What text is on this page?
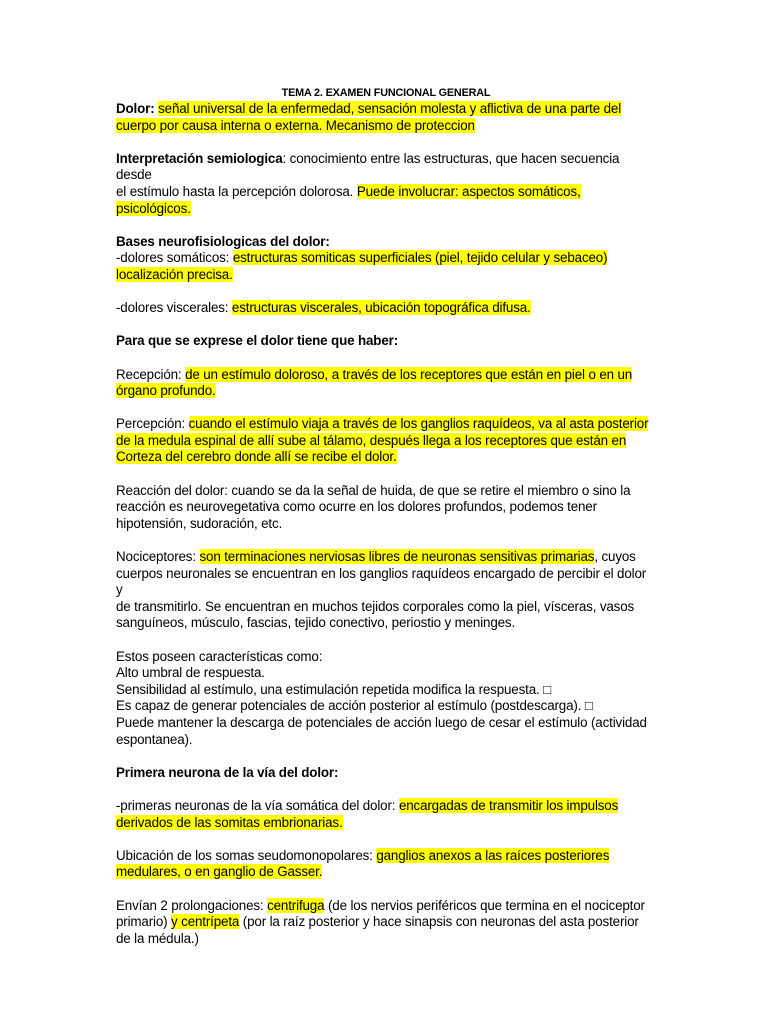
TEMA 2. EXAMEN FUNCIONAL GENERAL

Dolor: señal universal de la enfermedad, sensación molesta y aflictiva de una parte del
cuerpo por causa interna o externa. Mecanismo de proteccion

Interpretación semiologica: conocimiento entre las estructuras, que hacen secuencia desde
el estímulo hasta la percepción dolorosa. Puede involucrar: aspectos somáticos, psicológicos.

Bases neurofisiologicas del dolor:

-dolores somáticos: estructuras somiticas superficiales (piel, tejido celular y sebaceo)
localización precisa.

-dolores viscerales: estructuras viscerales, ubicación topográfica difusa.

Para que se exprese el dolor tiene que haber:

Recepción: de un estímulo doloroso, a través de los receptores que están en piel o en un
órgano profundo.

Percepción: cuando el estímulo viaja a través de los ganglios raquídeos, va al asta posterior
de la medula espinal de allí sube al tálamo, después llega a los receptores que están en
Corteza del cerebro donde allí se recibe el dolor.

Reacción del dolor: cuando se da la señal de huida, de que se retire el miembro o sino la
reacción es neurovegetativa como ocurre en los dolores profundos, podemos tener
hipotensión, sudoración, etc.

Nociceptores: son terminaciones nerviosas libres de neuronas sensitivas primarias, cuyos
cuerpos neuronales se encuentran en los ganglios raquídeos encargado de percibir el dolor y
de transmitirlo. Se encuentran en muchos tejidos corporales como la piel, vísceras, vasos
sanguíneos, músculo, fascias, tejido conectivo, periostio y meninges.

Estos poseen características como:
Alto umbral de respuesta.
Sensibilidad al estímulo, una estimulación repetida modifica la respuesta. □
Es capaz de generar potenciales de acción posterior al estímulo (postdescarga). □
Puede mantener la descarga de potenciales de acción luego de cesar el estímulo (actividad
espontanea).

Primera neurona de la vía del dolor:

-primeras neuronas de la vía somática del dolor: encargadas de transmitir los impulsos
derivados de las somitas embrionarias.

Ubicación de los somas seudomonopolares: ganglios anexos a las raíces posteriores
medulares, o en ganglio de Gasser.

Envían 2 prolongaciones: centrifuga (de los nervios periféricos que termina en el nociceptor
primario) y centrípeta (por la raíz posterior y hace sinapsis con neuronas del asta posterior
de la médula.)
